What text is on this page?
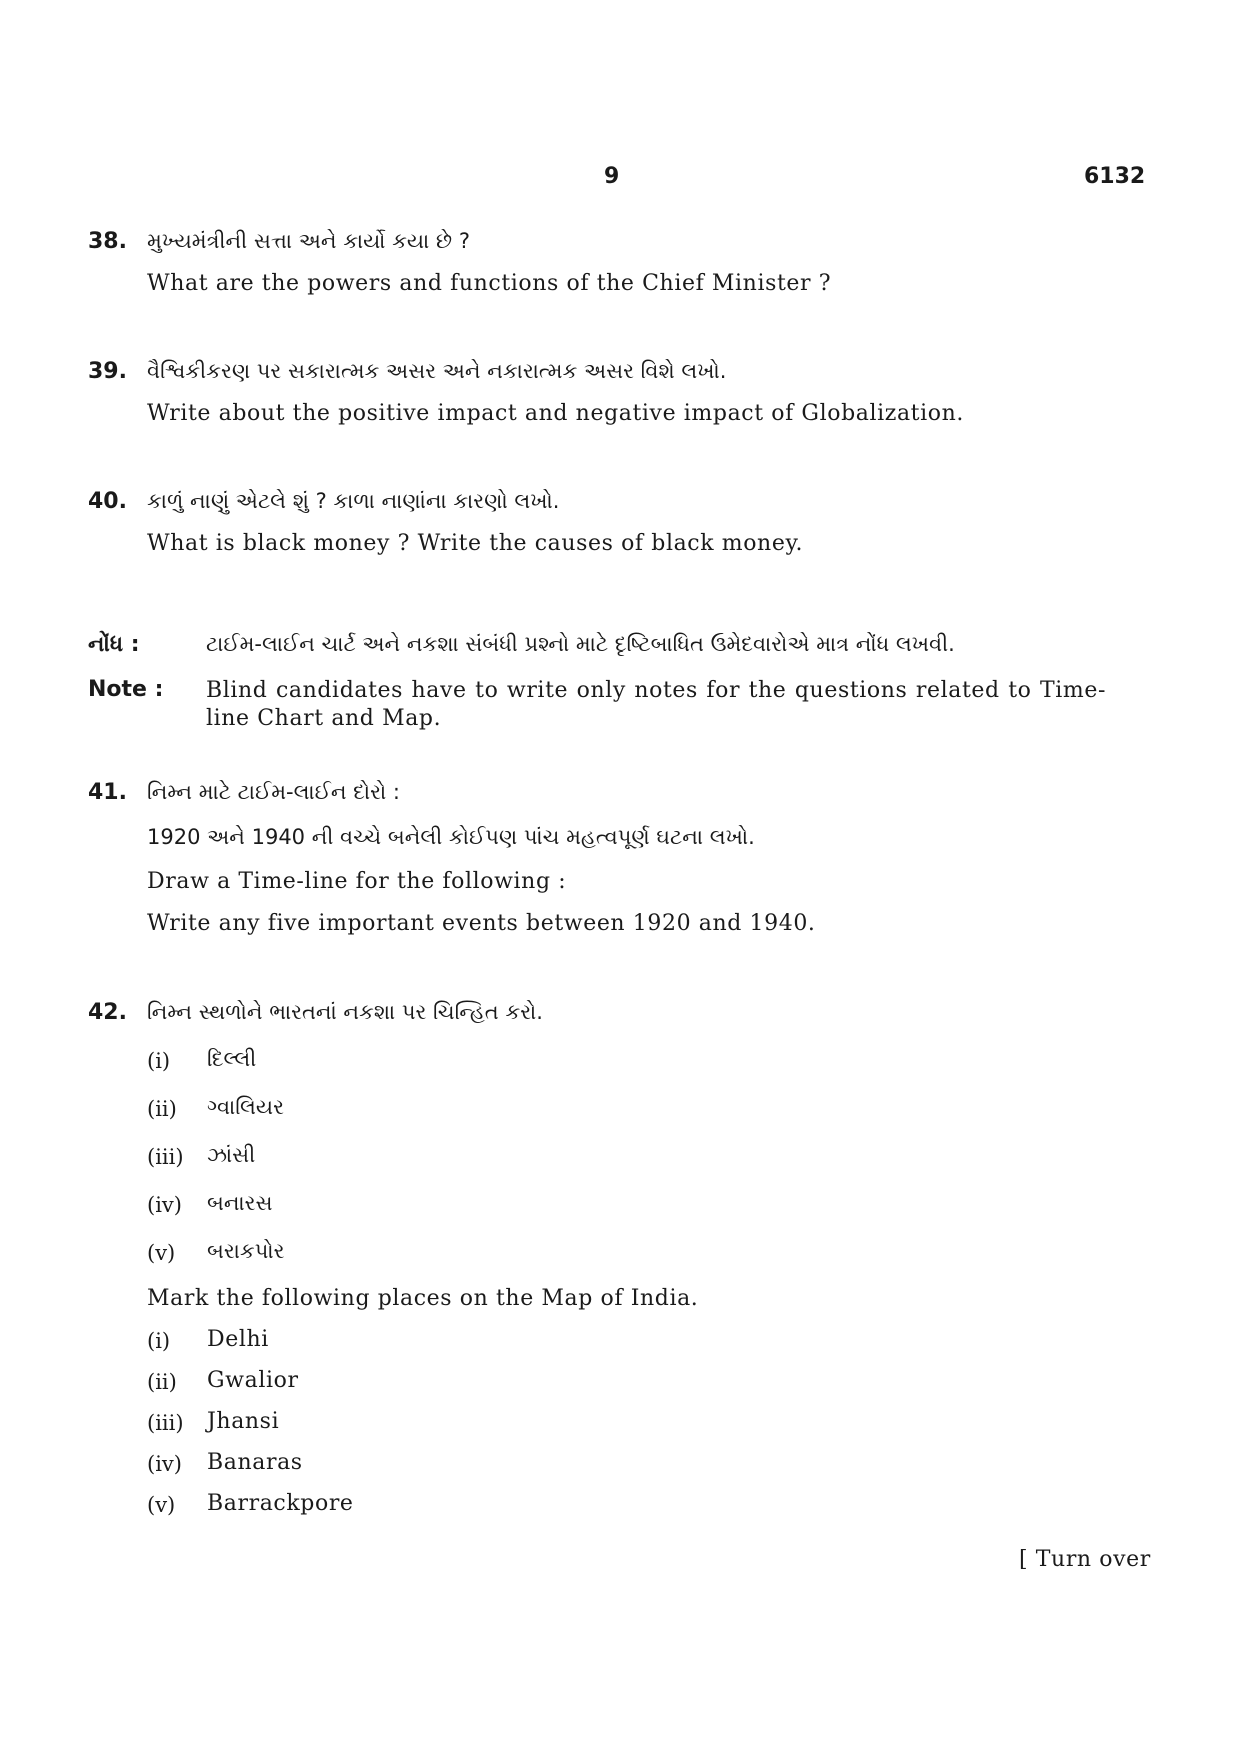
9	6132
38. મુખ્યમંત્રીની સત્તા અને કાર્યો કયા છે ?
What are the powers and functions of the Chief Minister ?
39. વૈશ્વિકીકરણ પર સકારાત્મક અસર અને નકારાત્મક અસર વિશે લખો.
Write about the positive impact and negative impact of Globalization.
40. કાળું નાણું એટલે શું ? કાળા નાણાંના કારણો લખો.
What is black money ? Write the causes of black money.
નોંધ :	ટાઈમ-લાઈન ચાર્ટ અને નકશા સંબંધી પ્રશ્નો માટે દૃષ્ટિબાધિત ઉમેદવારોએ માત્ર નોંધ લખવી.
Note : Blind candidates have to write only notes for the questions related to Time-line Chart and Map.
41. નિમ્ન માટે ટાઈમ-લાઈન દોરો :
1920 અને 1940 ની વચ્ચે બનેલી કોઈપણ પાંચ મહત્વપૂર્ણ ઘટના લખો.
Draw a Time-line for the following :
Write any five important events between 1920 and 1940.
42. નિમ્ન સ્થળોને ભારતનાં નકશા પર ચિન્હિત કરો.
(i) દિલ્લી
(ii) ગ્વાલિયર
(iii) ઝાંસી
(iv) બનારસ
(v) બરાકપોર
Mark the following places on the Map of India.
(i) Delhi
(ii) Gwalior
(iii) Jhansi
(iv) Banaras
(v) Barrackpore
[ Turn over
